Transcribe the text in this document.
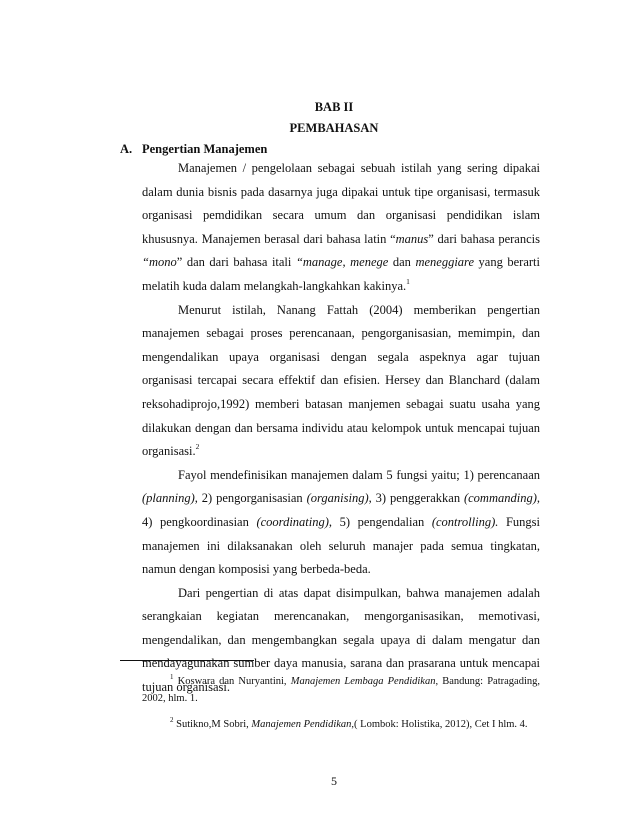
BAB II
PEMBAHASAN
A. Pengertian Manajemen

Manajemen / pengelolaan sebagai sebuah istilah yang sering dipakai dalam dunia bisnis pada dasarnya juga dipakai untuk tipe organisasi, termasuk organisasi pemdidikan secara umum dan organisasi pendidikan islam khususnya. Manajemen berasal dari bahasa latin “manus” dari bahasa perancis “mono” dan dari bahasa itali “manage, menege dan meneggiare yang berarti melatih kuda dalam melangkah-langkahkan kakinya.$^1$

Menurut istilah, Nanang Fattah (2004) memberikan pengertian manajemen sebagai proses perencanaan, pengorganisasian, memimpin, dan mengendalikan upaya organisasi dengan segala aspeknya agar tujuan organisasi tercapai secara effektif dan efisien. Hersey dan Blanchard (dalam reksohadiprojo,1992) memberi batasan manjemen sebagai suatu usaha yang dilakukan dengan dan bersama individu atau kelompok untuk mencapai tujuan organisasi.$^2$

Fayol mendefinisikan manajemen dalam 5 fungsi yaitu; 1) perencanaan (planning), 2) pengorganisasian (organising), 3) penggerakkan (commanding), 4) pengkoordinasian (coordinating), 5) pengendalian (controlling). Fungsi manajemen ini dilaksanakan oleh seluruh manajer pada semua tingkatan, namun dengan komposisi yang berbeda-beda.

Dari pengertian di atas dapat disimpulkan, bahwa manajemen adalah serangkaian kegiatan merencanakan, mengorganisasikan, memotivasi, mengendalikan, dan mengembangkan segala upaya di dalam mengatur dan mendayagunakan sumber daya manusia, sarana dan prasarana untuk mencapai tujuan organisasi.

$^1$ Koswara dan Nuryantini, Manajemen Lembaga Pendidikan, Bandung: Patragading, 2002, hlm. 1.

$^2$ Sutikno,M Sobri, Manajemen Pendidikan,( Lombok: Holistika, 2012), Cet I hlm. 4.

5
